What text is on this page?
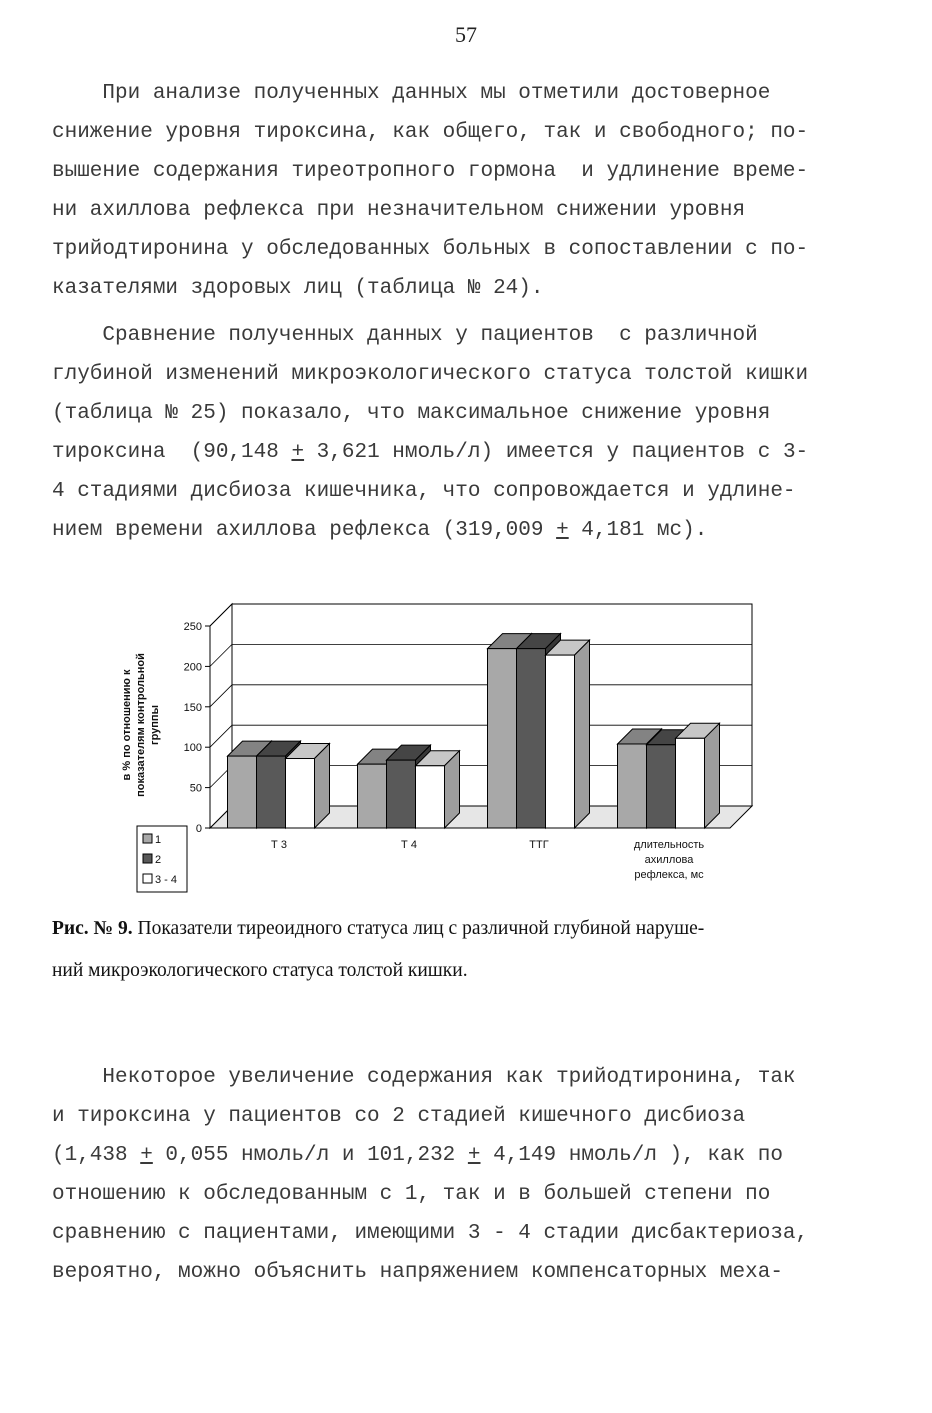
57
При анализе полученных данных мы отметили достоверное
снижение уровня тироксина, как общего, так и свободного; по-
вышение содержания тиреотропного гормона  и удлинение време-
ни ахиллова рефлекса при незначительном снижении уровня
трийодтиронина у обследованных больных в сопоставлении с по-
казателями здоровых лиц (таблица № 24).
Сравнение полученных данных у пациентов  с различной
глубиной изменений микроэкологического статуса толстой кишки
(таблица № 25) показало, что максимальное снижение уровня
тироксина  (90,148 + 3,621 нмоль/л) имеется у пациентов с 3-
4 стадиями дисбиоза кишечника, что сопровождается и удлине-
нием времени ахиллова рефлекса (319,009 + 4,181 мс).
0
50
100
150
200
250
Т 3	Т 4	ТТГ	длительность
ахиллова
рефлекса, мс
в % по отношению к показателям контрольной группы
1
2
3 - 4

Рис. № 9. Показатели тиреоидного статуса лиц с различной глубиной наруше-
ний микроэкологического статуса толстой кишки.

Некоторое увеличение содержания как трийодтиронина, так
и тироксина у пациентов со 2 стадией кишечного дисбиоза
(1,438 + 0,055 нмоль/л и 101,232 + 4,149 нмоль/л ), как по
отношению к обследованным с 1, так и в большей степени по
сравнению с пациентами, имеющими 3 - 4 стадии дисбактериоза,
вероятно, можно объяснить напряжением компенсаторных меха-
